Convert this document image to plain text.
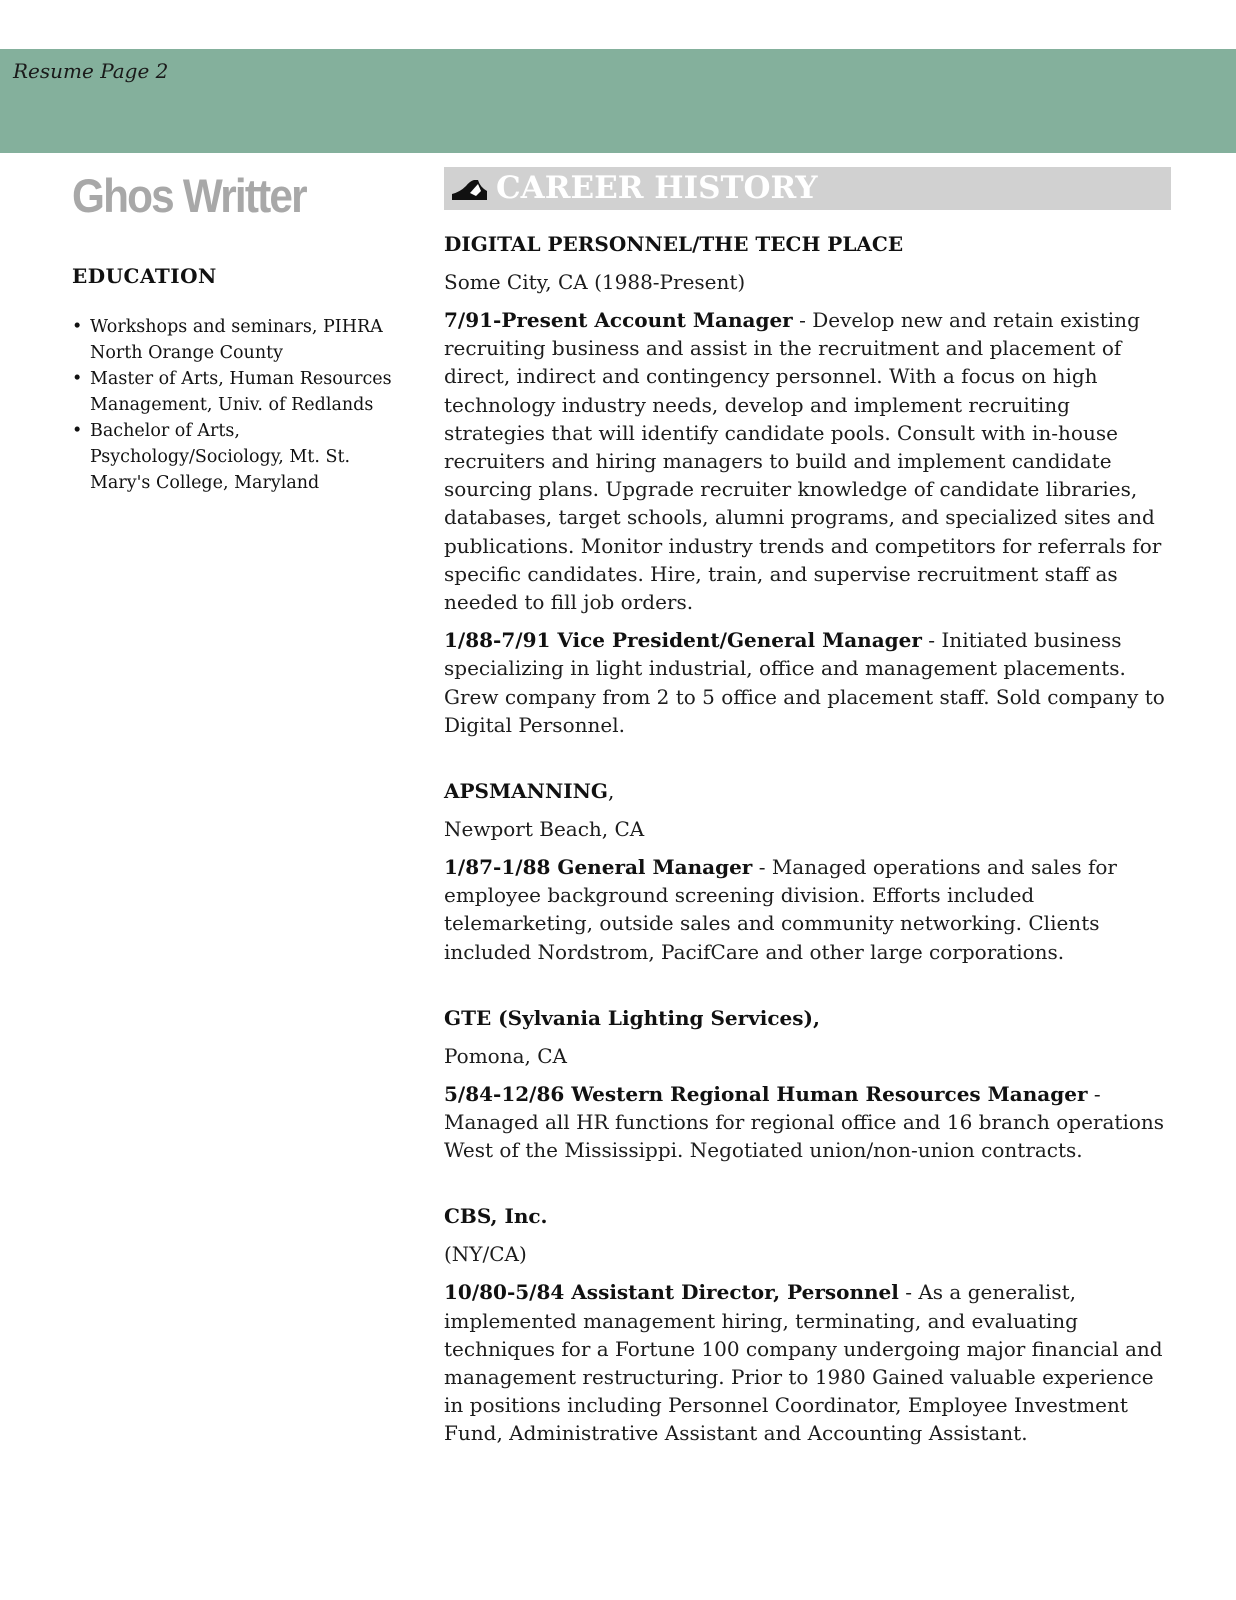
Resume Page 2
Ghos Writter
EDUCATION
• Workshops and seminars, PIHRA North Orange County
• Master of Arts, Human Resources Management, Univ. of Redlands
• Bachelor of Arts, Psychology/Sociology, Mt. St. Mary's College, Maryland
CAREER HISTORY
DIGITAL PERSONNEL/THE TECH PLACE
Some City, CA (1988-Present)
7/91-Present Account Manager - Develop new and retain existing recruiting business and assist in the recruitment and placement of direct, indirect and contingency personnel. With a focus on high technology industry needs, develop and implement recruiting strategies that will identify candidate pools. Consult with in-house recruiters and hiring managers to build and implement candidate sourcing plans. Upgrade recruiter knowledge of candidate libraries, databases, target schools, alumni programs, and specialized sites and publications. Monitor industry trends and competitors for referrals for specific candidates. Hire, train, and supervise recruitment staff as needed to fill job orders.
1/88-7/91 Vice President/General Manager - Initiated business specializing in light industrial, office and management placements. Grew company from 2 to 5 office and placement staff. Sold company to Digital Personnel.
APSMANNING,
Newport Beach, CA
1/87-1/88 General Manager - Managed operations and sales for employee background screening division. Efforts included telemarketing, outside sales and community networking. Clients included Nordstrom, PacifCare and other large corporations.
GTE (Sylvania Lighting Services),
Pomona, CA
5/84-12/86 Western Regional Human Resources Manager - Managed all HR functions for regional office and 16 branch operations West of the Mississippi. Negotiated union/non-union contracts.
CBS, Inc.
(NY/CA)
10/80-5/84 Assistant Director, Personnel - As a generalist, implemented management hiring, terminating, and evaluating techniques for a Fortune 100 company undergoing major financial and management restructuring. Prior to 1980 Gained valuable experience in positions including Personnel Coordinator, Employee Investment Fund, Administrative Assistant and Accounting Assistant.
